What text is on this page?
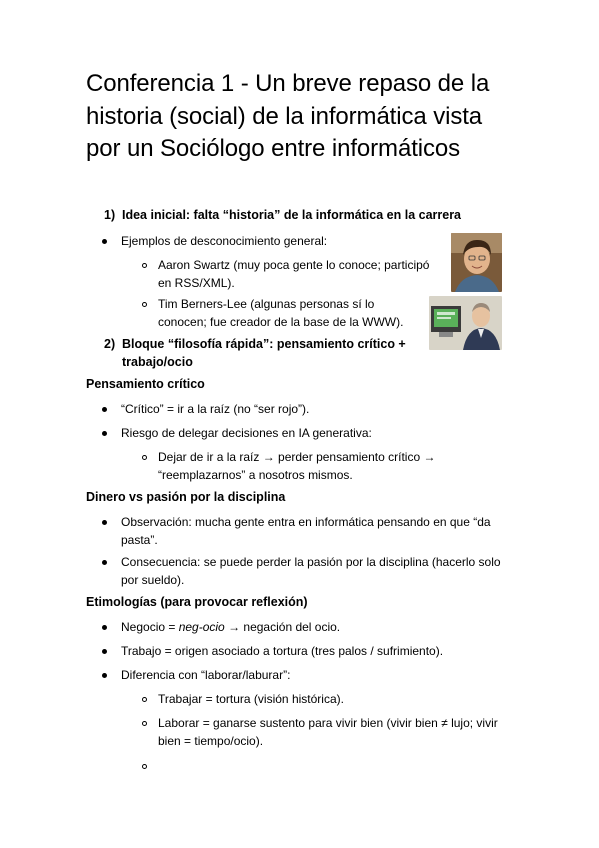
Conferencia 1 - Un breve repaso de la historia (social) de la informática vista por un Sociólogo entre informáticos
1) Idea inicial: falta “historia” de la informática en la carrera
Ejemplos de desconocimiento general:
Aaron Swartz (muy poca gente lo conoce; participó en RSS/XML).
Tim Berners-Lee (algunas personas sí lo conocen; fue creador de la base de la WWW).
2) Bloque “filosofía rápida”: pensamiento crítico + trabajo/ocio
Pensamiento crítico
“Crítico” = ir a la raíz (no “ser rojo”).
Riesgo de delegar decisiones en IA generativa:
Dejar de ir a la raíz → perder pensamiento crítico → “reemplazarnos” a nosotros mismos.
Dinero vs pasión por la disciplina
Observación: mucha gente entra en informática pensando en que “da pasta”.
Consecuencia: se puede perder la pasión por la disciplina (hacerlo solo por sueldo).
Etimologías (para provocar reflexión)
Negocio = neg-ocio → negación del ocio.
Trabajo = origen asociado a tortura (tres palos / sufrimiento).
Diferencia con “laborar/laburar”:
Trabajar = tortura (visión histórica).
Laborar = ganarse sustento para vivir bien (vivir bien ≠ lujo; vivir bien = tiempo/ocio).
